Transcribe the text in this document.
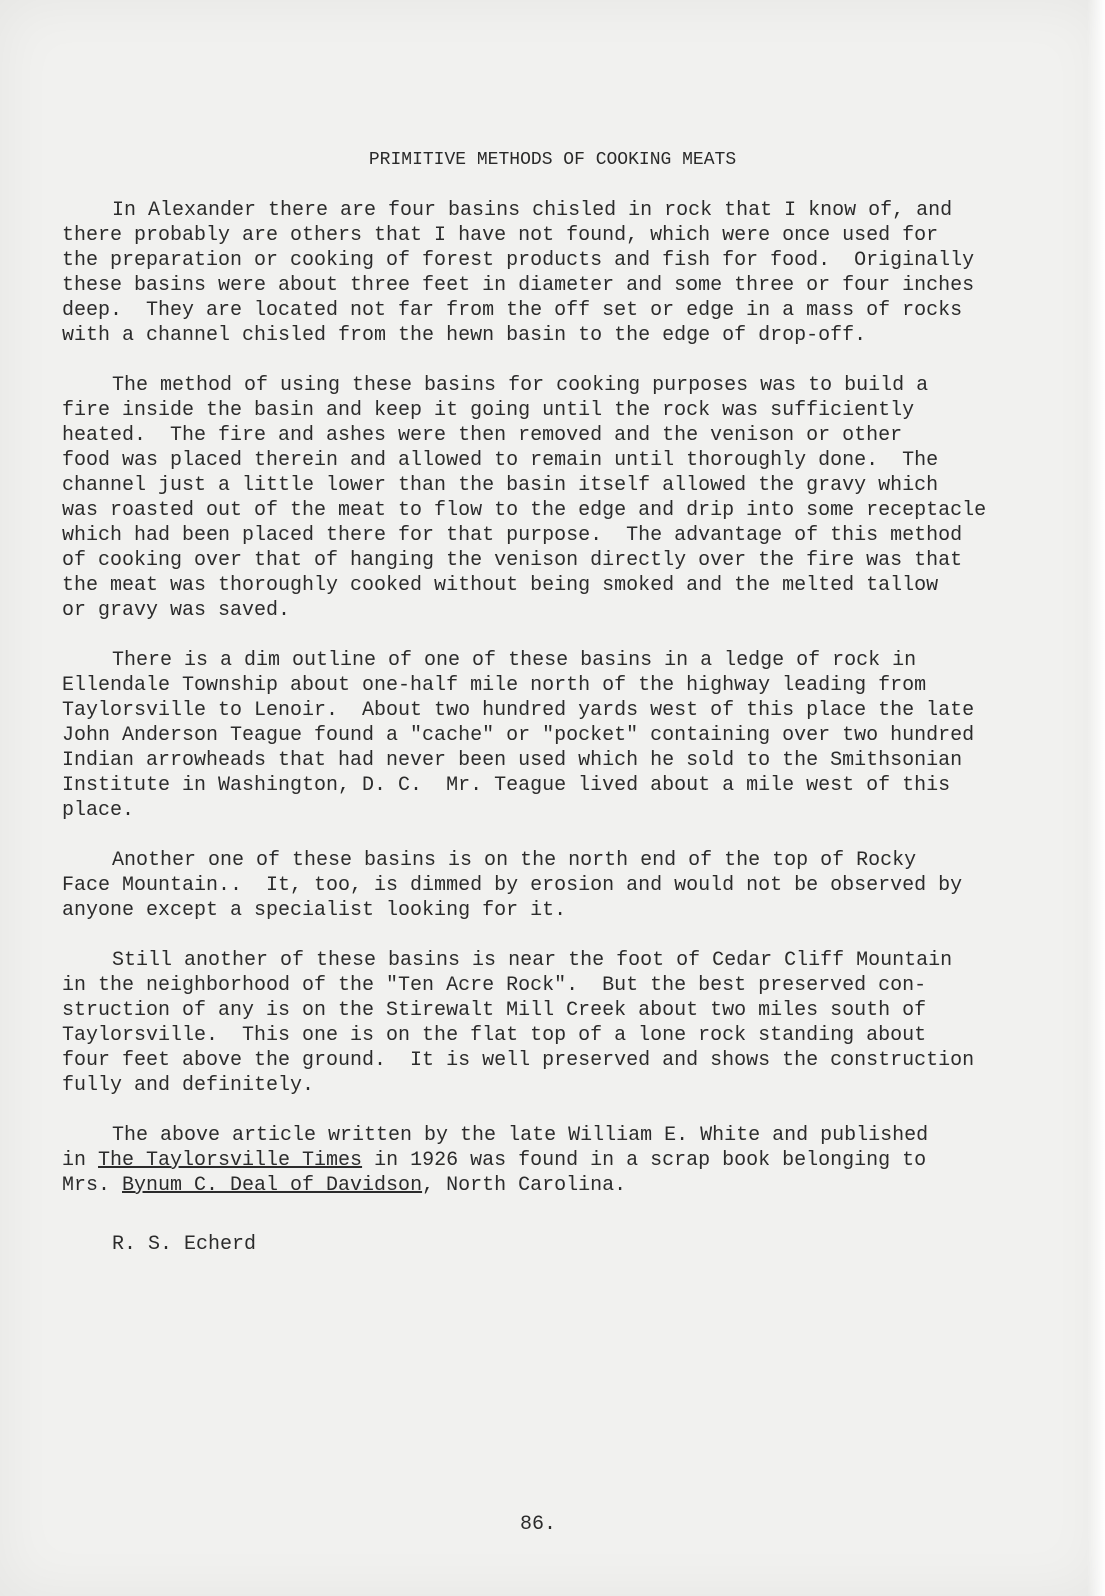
PRIMITIVE METHODS OF COOKING MEATS
In Alexander there are four basins chisled in rock that I know of, and
there probably are others that I have not found, which were once used for
the preparation or cooking of forest products and fish for food.  Originally
these basins were about three feet in diameter and some three or four inches
deep.  They are located not far from the off set or edge in a mass of rocks
with a channel chisled from the hewn basin to the edge of drop-off.
The method of using these basins for cooking purposes was to build a
fire inside the basin and keep it going until the rock was sufficiently
heated.  The fire and ashes were then removed and the venison or other
food was placed therein and allowed to remain until thoroughly done.  The
channel just a little lower than the basin itself allowed the gravy which
was roasted out of the meat to flow to the edge and drip into some receptacle
which had been placed there for that purpose.  The advantage of this method
of cooking over that of hanging the venison directly over the fire was that
the meat was thoroughly cooked without being smoked and the melted tallow
or gravy was saved.
There is a dim outline of one of these basins in a ledge of rock in
Ellendale Township about one-half mile north of the highway leading from
Taylorsville to Lenoir.  About two hundred yards west of this place the late
John Anderson Teague found a "cache" or "pocket" containing over two hundred
Indian arrowheads that had never been used which he sold to the Smithsonian
Institute in Washington, D. C.  Mr. Teague lived about a mile west of this
place.
Another one of these basins is on the north end of the top of Rocky
Face Mountain..  It, too, is dimmed by erosion and would not be observed by
anyone except a specialist looking for it.
Still another of these basins is near the foot of Cedar Cliff Mountain
in the neighborhood of the "Ten Acre Rock".  But the best preserved con-
struction of any is on the Stirewalt Mill Creek about two miles south of
Taylorsville.  This one is on the flat top of a lone rock standing about
four feet above the ground.  It is well preserved and shows the construction
fully and definitely.
The above article written by the late William E. White and published
in The Taylorsville Times in 1926 was found in a scrap book belonging to
Mrs. Bynum C. Deal of Davidson, North Carolina.
R. S. Echerd
86.
